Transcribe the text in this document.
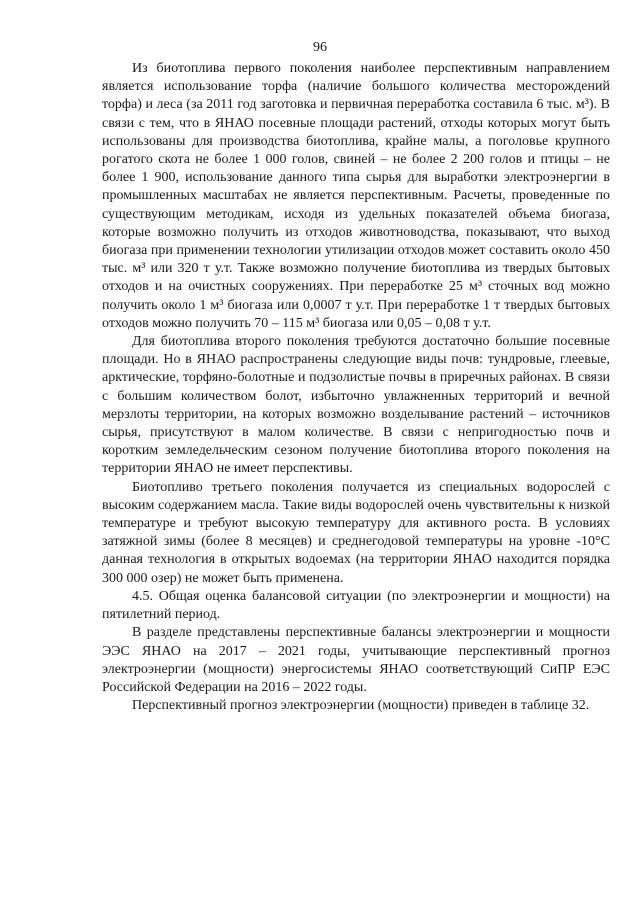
96

Из биотоплива первого поколения наиболее перспективным направлением является использование торфа (наличие большого количества месторождений торфа) и леса (за 2011 год заготовка и первичная переработка составила 6 тыс. м³). В связи с тем, что в ЯНАО посевные площади растений, отходы которых могут быть использованы для производства биотоплива, крайне малы, а поголовье крупного рогатого скота не более 1 000 голов, свиней – не более 2 200 голов и птицы – не более 1 900, использование данного типа сырья для выработки электроэнергии в промышленных масштабах не является перспективным. Расчеты, проведенные по существующим методикам, исходя из удельных показателей объема биогаза, которые возможно получить из отходов животноводства, показывают, что выход биогаза при применении технологии утилизации отходов может составить около 450 тыс. м³ или 320 т у.т. Также возможно получение биотоплива из твердых бытовых отходов и на очистных сооружениях. При переработке 25 м³ сточных вод можно получить около 1 м³ биогаза или 0,0007 т у.т. При переработке 1 т твердых бытовых отходов можно получить 70 – 115 м³ биогаза или 0,05 – 0,08 т у.т.

Для биотоплива второго поколения требуются достаточно большие посевные площади. Но в ЯНАО распространены следующие виды почв: тундровые, глеевые, арктические, торфяно-болотные и подзолистые почвы в приречных районах. В связи с большим количеством болот, избыточно увлажненных территорий и вечной мерзлоты территории, на которых возможно возделывание растений – источников сырья, присутствуют в малом количестве. В связи с непригодностью почв и коротким земледельческим сезоном получение биотоплива второго поколения на территории ЯНАО не имеет перспективы.

Биотопливо третьего поколения получается из специальных водорослей с высоким содержанием масла. Такие виды водорослей очень чувствительны к низкой температуре и требуют высокую температуру для активного роста. В условиях затяжной зимы (более 8 месяцев) и среднегодовой температуры на уровне -10°C данная технология в открытых водоемах (на территории ЯНАО находится порядка 300 000 озер) не может быть применена.

4.5. Общая оценка балансовой ситуации (по электроэнергии и мощности) на пятилетний период.

В разделе представлены перспективные балансы электроэнергии и мощности ЭЭС ЯНАО на 2017 – 2021 годы, учитывающие перспективный прогноз электроэнергии (мощности) энергосистемы ЯНАО соответствующий СиПР ЕЭС Российской Федерации на 2016 – 2022 годы.

Перспективный прогноз электроэнергии (мощности) приведен в таблице 32.
